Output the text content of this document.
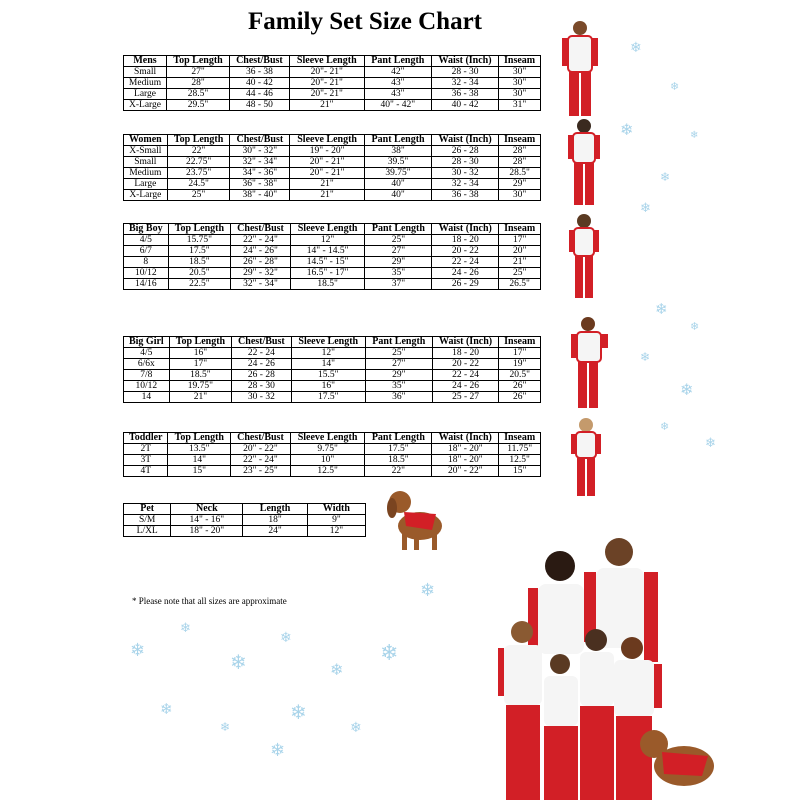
Family Set Size Chart
Mens	Top Length	Chest/Bust	Sleeve Length	Pant Length	Waist (Inch)	Inseam
Small	27"	36 - 38	20"- 21"	42"	28 - 30	30"
Medium	28"	40 - 42	20"- 21"	43"	32 - 34	30"
Large	28.5"	44 - 46	20"- 21"	43"	36 - 38	30"
X-Large	29.5"	48 - 50	21"	40" - 42"	40 - 42	31"
Women	Top Length	Chest/Bust	Sleeve Length	Pant Length	Waist (Inch)	Inseam
X-Small	22"	30" - 32"	19" - 20"	38"	26 - 28	28"
Small	22.75"	32" - 34"	20" - 21"	39.5"	28 - 30	28"
Medium	23.75"	34" - 36"	20" - 21"	39.75"	30 - 32	28.5"
Large	24.5"	36" - 38"	21"	40"	32 - 34	29"
X-Large	25"	38" - 40"	21"	40"	36 - 38	30"
Big Boy	Top Length	Chest/Bust	Sleeve Length	Pant Length	Waist (Inch)	Inseam
4/5	15.75"	22" - 24"	12"	25"	18 - 20	17"
6/7	17.5"	24" - 26"	14" - 14.5"	27"	20 - 22	20"
8	18.5"	26" - 28"	14.5" - 15"	29"	22 - 24	21"
10/12	20.5"	29" - 32"	16.5" - 17"	35"	24 - 26	25"
14/16	22.5"	32" - 34"	18.5"	37"	26 - 29	26.5"
Big Girl	Top Length	Chest/Bust	Sleeve Length	Pant Length	Waist (Inch)	Inseam
4/5	16"	22 - 24	12"	25"	18 - 20	17"
6/6x	17"	24 - 26	14"	27"	20 - 22	19"
7/8	18.5"	26 - 28	15.5"	29"	22 - 24	20.5"
10/12	19.75"	28 - 30	16"	35"	24 - 26	26"
14	21"	30 - 32	17.5"	36"	25 - 27	26"
Toddler	Top Length	Chest/Bust	Sleeve Length	Pant Length	Waist (Inch)	Inseam
2T	13.5"	20" - 22"	9.75"	17.5"	18" - 20"	11.75"
3T	14"	22" - 24"	10"	18.5"	18" - 20"	12.5"
4T	15"	23" - 25"	12.5"	22"	20" - 22"	15"
Pet	Neck	Length	Width
S/M	14" - 16"	18"	9"
L/XL	18" - 20"	24"	12"
* Please note that all sizes are approximate
❄
❄
❄
❄
❄
❄
❄
❄
❄
❄
❄
❄
❄
❄
❄
❄
❄
❄
❄
❄
❄
❄
❄
❄
